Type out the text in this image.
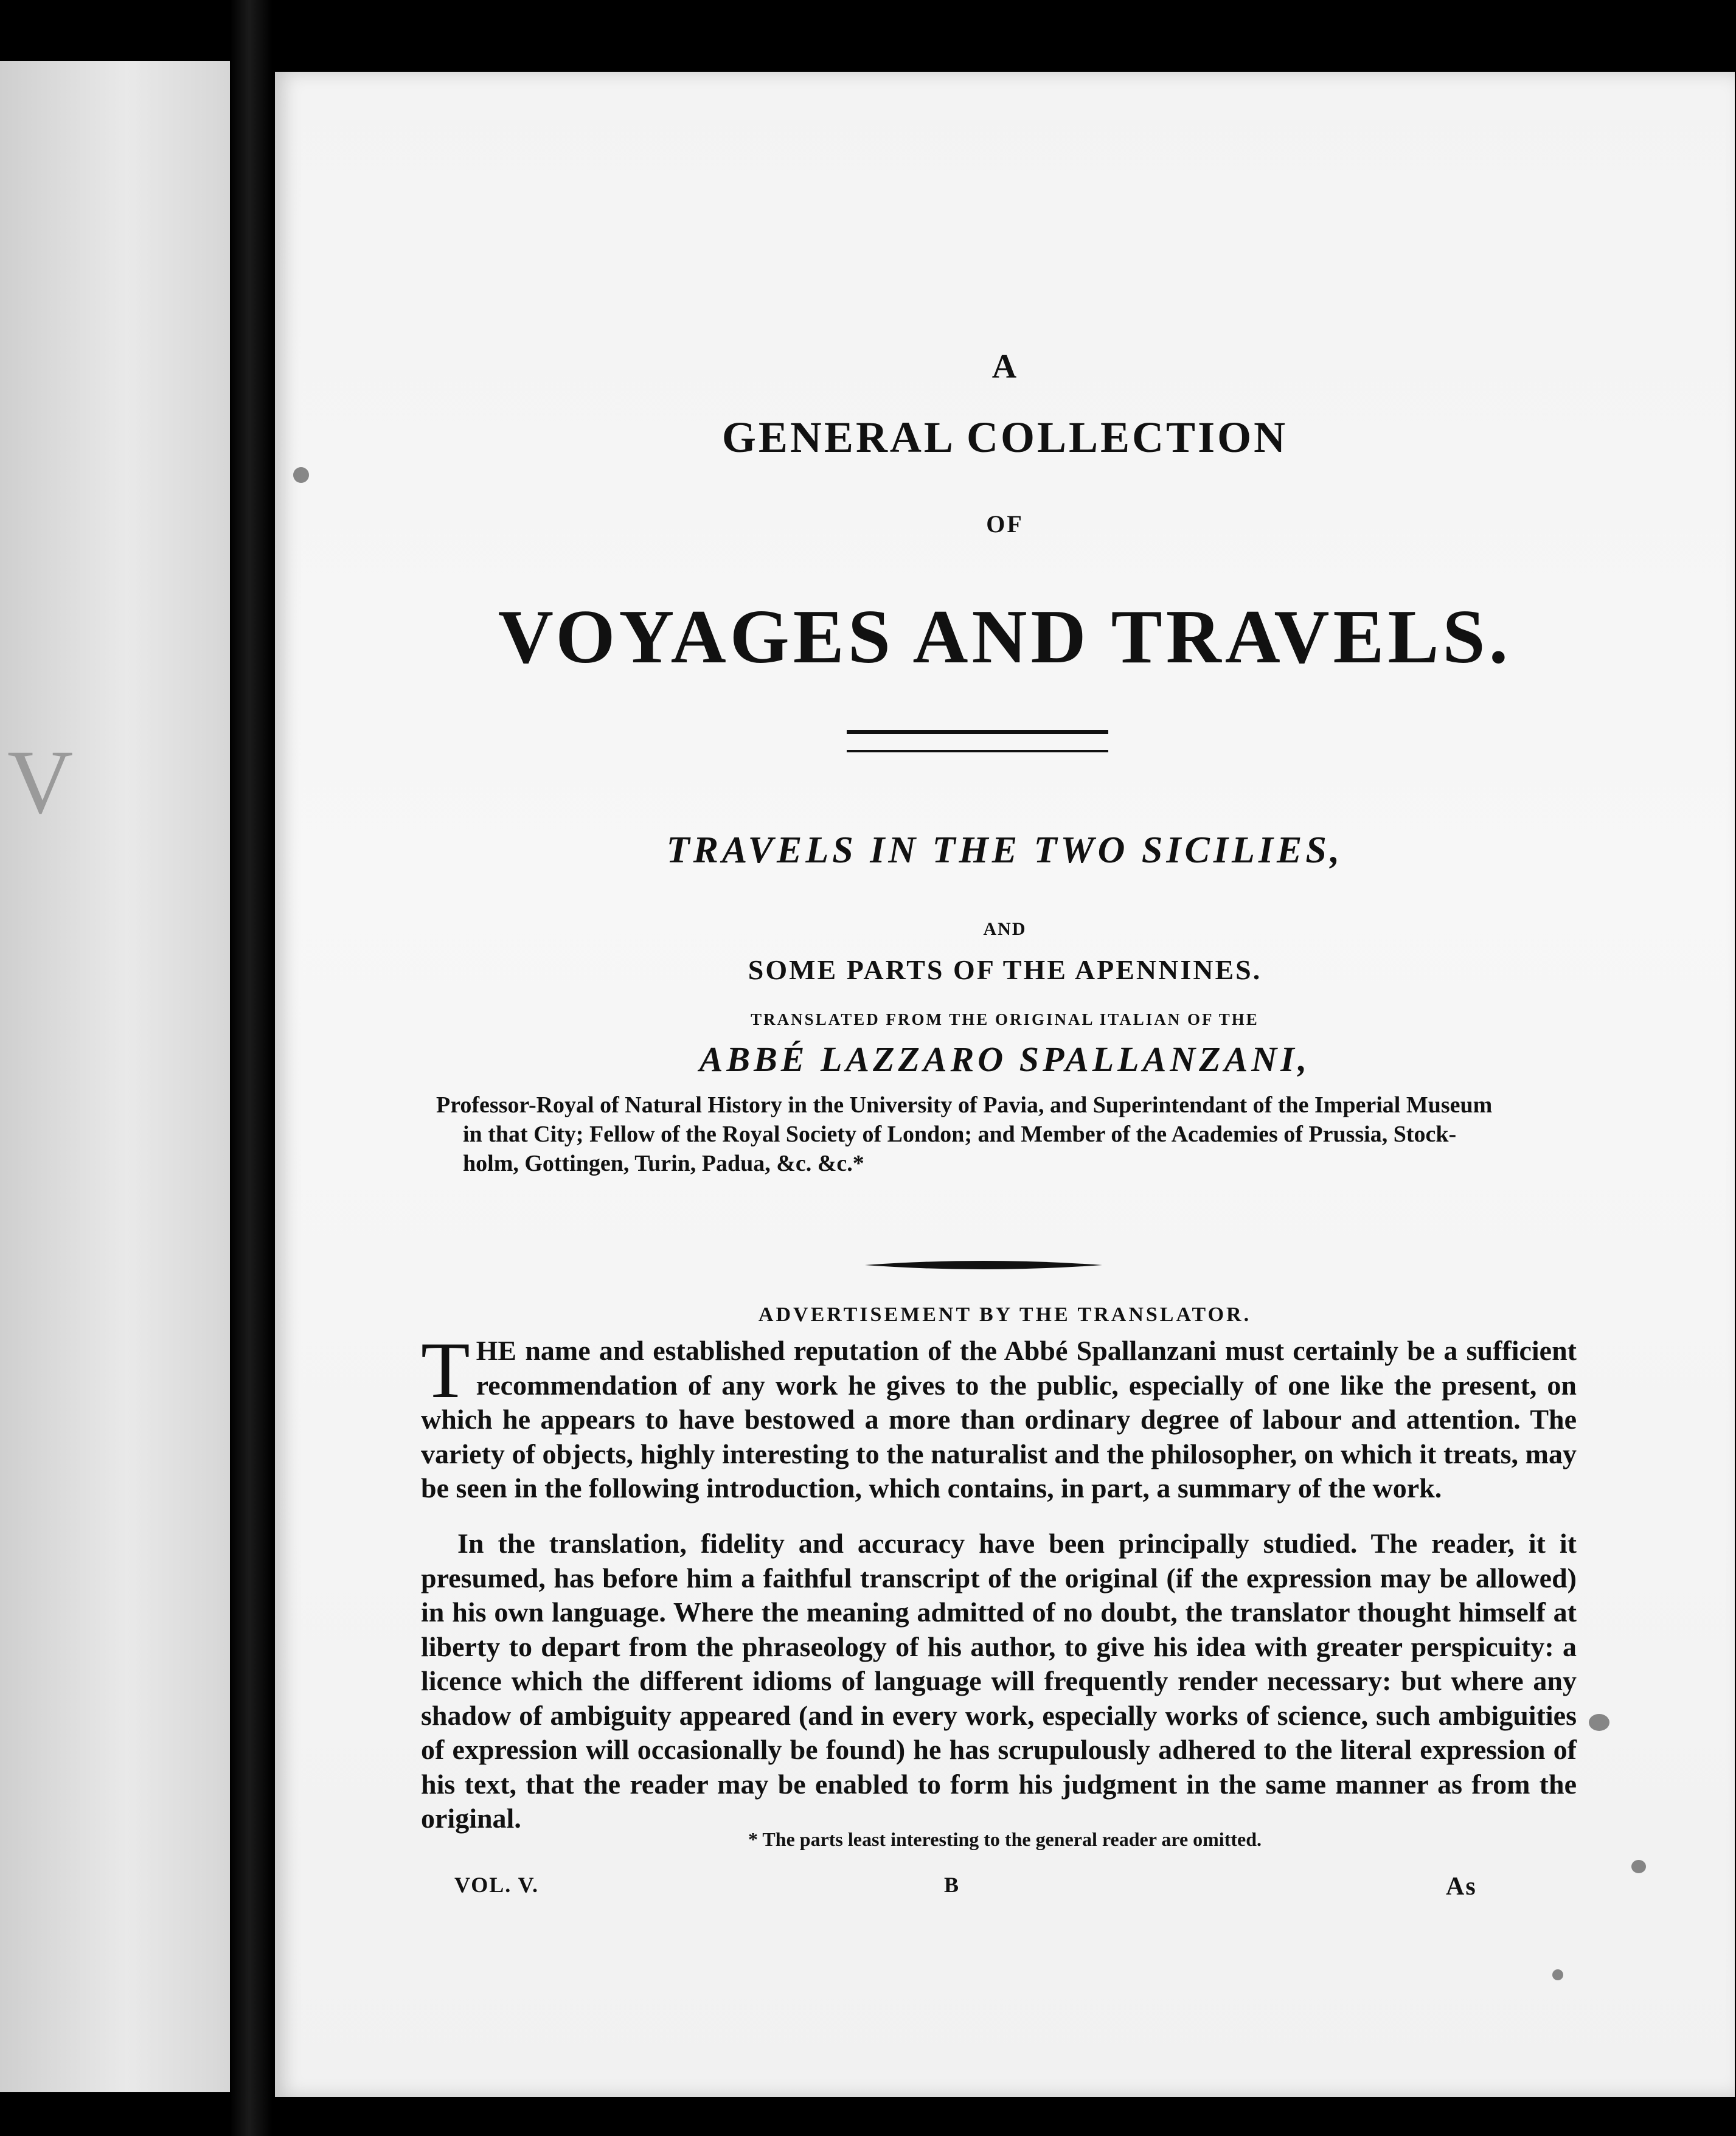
V
A
GENERAL COLLECTION
OF
VOYAGES AND TRAVELS.
TRAVELS IN THE TWO SICILIES,
AND
SOME PARTS OF THE APENNINES.
TRANSLATED FROM THE ORIGINAL ITALIAN OF THE
ABBÉ LAZZARO SPALLANZANI,
Professor-Royal of Natural History in the University of Pavia, and Superintendant of the Imperial Museum
in that City; Fellow of the Royal Society of London; and Member of the Academies of Prussia, Stock-
holm, Gottingen, Turin, Padua, &c. &c.*
ADVERTISEMENT BY THE TRANSLATOR.

THE name and established reputation of the Abbé Spallanzani must certainly be a sufficient recommendation of any work he gives to the public, especially of one like the present, on which he appears to have bestowed a more than ordinary degree of labour and attention. The variety of objects, highly interesting to the naturalist and the philosopher, on which it treats, may be seen in the following introduction, which contains, in part, a summary of the work.

In the translation, fidelity and accuracy have been principally studied. The reader, it it presumed, has before him a faithful transcript of the original (if the expression may be allowed) in his own language. Where the meaning admitted of no doubt, the translator thought himself at liberty to depart from the phraseology of his author, to give his idea with greater perspicuity: a licence which the different idioms of language will frequently render necessary: but where any shadow of ambiguity appeared (and in every work, especially works of science, such ambiguities of expression will occasionally be found) he has scrupulously adhered to the literal expression of his text, that the reader may be enabled to form his judgment in the same manner as from the original.

* The parts least interesting to the general reader are omitted.
VOL. V.	B	As
